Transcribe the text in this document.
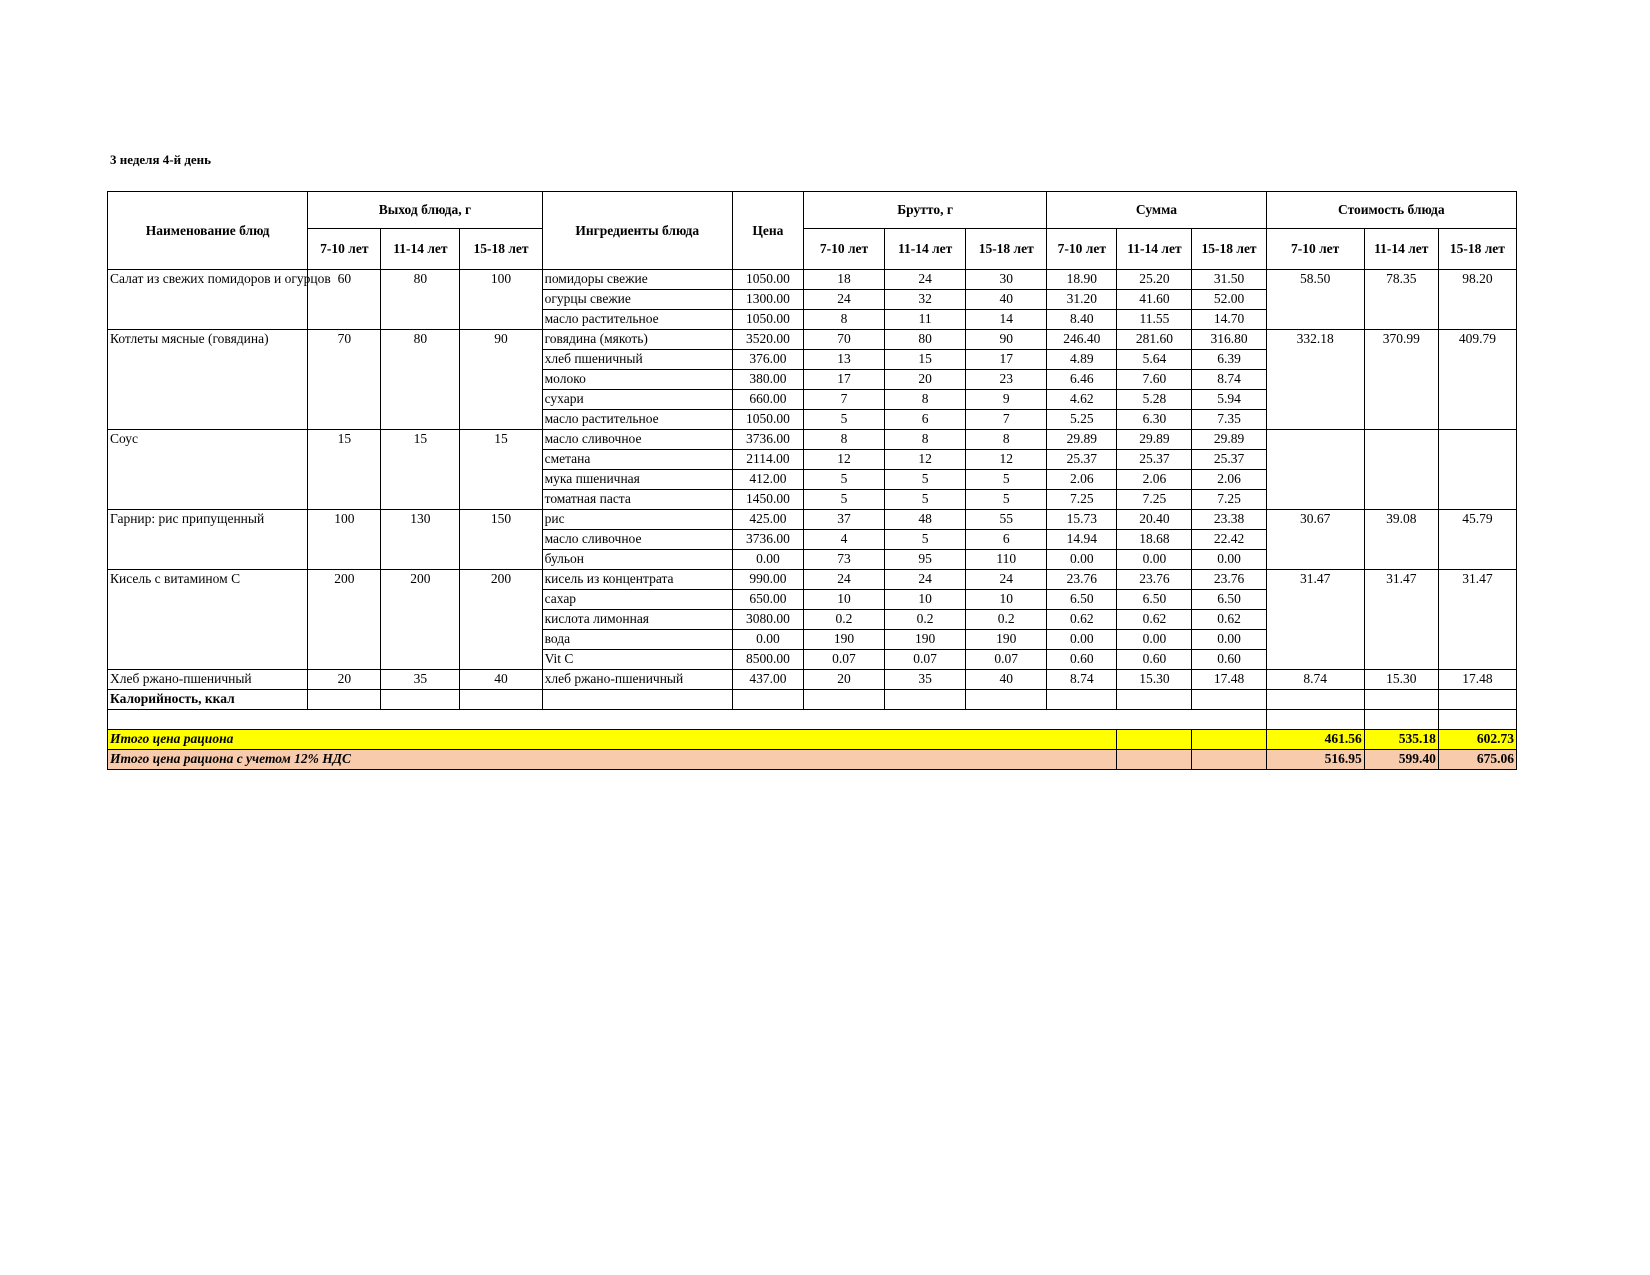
3 неделя 4-й день
Наименование блюд	Выход блюда, г			Ингредиенты блюда	Цена	Брутто, г			Сумма			Стоимость блюда		
	7-10 лет	11-14 лет	15-18 лет			7-10 лет	11-14 лет	15-18 лет	7-10 лет	11-14 лет	15-18 лет	7-10 лет	11-14 лет	15-18 лет
Салат из свежих помидоров и огурцов	60	80	100	помидоры свежие	1050.00	18	24	30	18.90	25.20	31.50	58.50	78.35	98.20
				огурцы свежие	1300.00	24	32	40	31.20	41.60	52.00			
				масло растительное	1050.00	8	11	14	8.40	11.55	14.70			
Котлеты мясные (говядина)	70	80	90	говядина (мякоть)	3520.00	70	80	90	246.40	281.60	316.80	332.18	370.99	409.79
				хлеб пшеничный	376.00	13	15	17	4.89	5.64	6.39			
				молоко	380.00	17	20	23	6.46	7.60	8.74			
				сухари	660.00	7	8	9	4.62	5.28	5.94			
				масло растительное	1050.00	5	6	7	5.25	6.30	7.35			
Соус	15	15	15	масло сливочное	3736.00	8	8	8	29.89	29.89	29.89			
				сметана	2114.00	12	12	12	25.37	25.37	25.37			
				мука пшеничная	412.00	5	5	5	2.06	2.06	2.06			
				томатная паста	1450.00	5	5	5	7.25	7.25	7.25			
Гарнир: рис припущенный	100	130	150	рис	425.00	37	48	55	15.73	20.40	23.38	30.67	39.08	45.79
				масло сливочное	3736.00	4	5	6	14.94	18.68	22.42			
				бульон	0.00	73	95	110	0.00	0.00	0.00			
Кисель с витамином С	200	200	200	кисель из концентрата	990.00	24	24	24	23.76	23.76	23.76	31.47	31.47	31.47
				сахар	650.00	10	10	10	6.50	6.50	6.50			
				кислота лимонная	3080.00	0.2	0.2	0.2	0.62	0.62	0.62			
				вода	0.00	190	190	190	0.00	0.00	0.00			
				Vit C	8500.00	0.07	0.07	0.07	0.60	0.60	0.60			
Хлеб ржано-пшеничный	20	35	40	хлеб ржано-пшеничный	437.00	20	35	40	8.74	15.30	17.48	8.74	15.30	17.48
Калорийность, ккал														

Итого цена рациона												461.56	535.18	602.73
Итого цена рациона с учетом 12% НДС												516.95	599.40	675.06
